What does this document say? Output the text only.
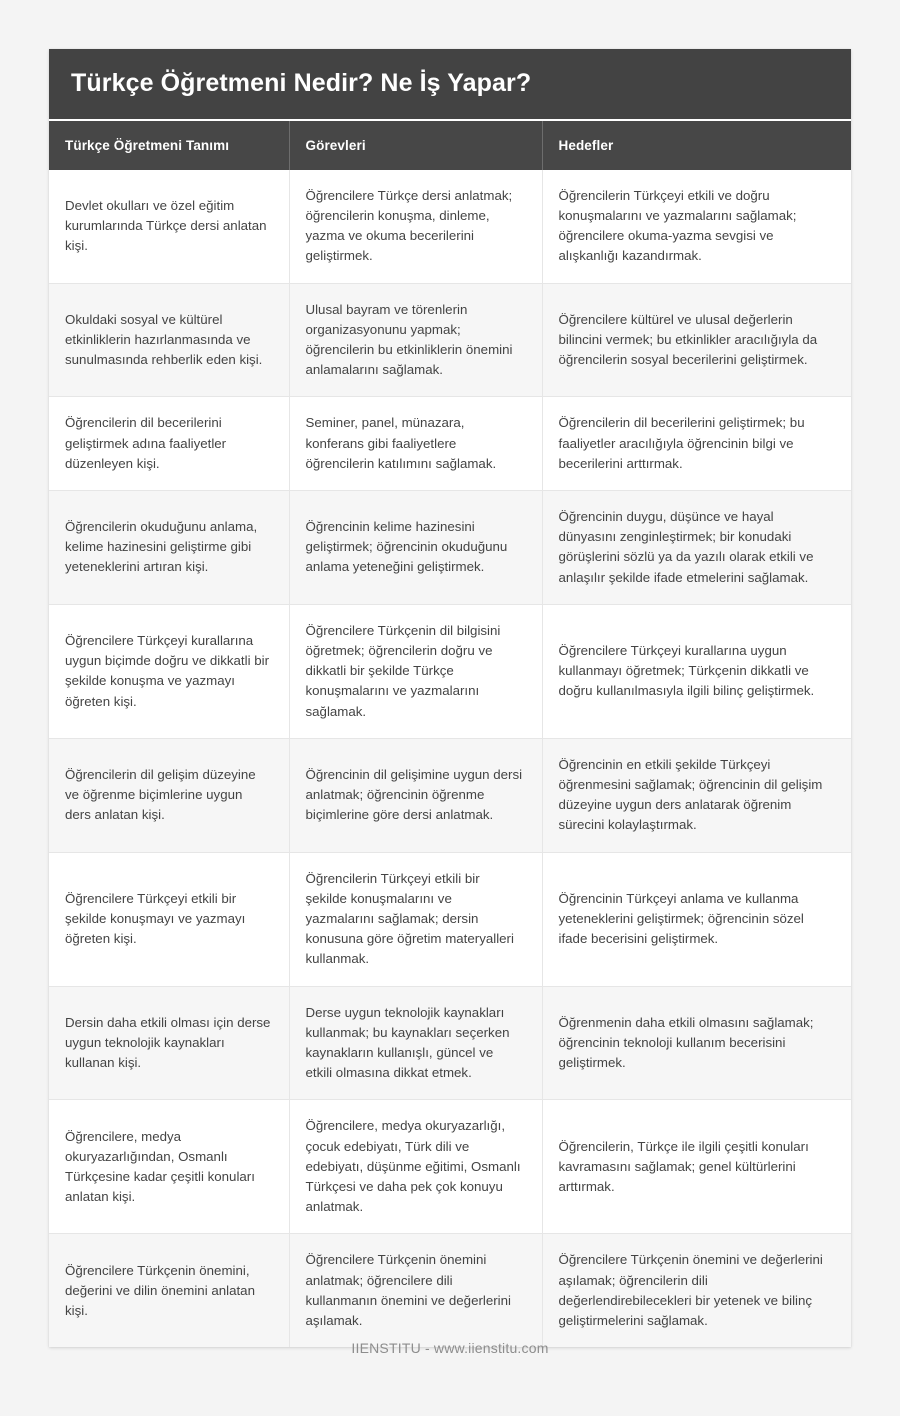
Türkçe Öğretmeni Nedir? Ne İş Yapar?
Türkçe Öğretmeni Tanımı	Görevleri	Hedefler
Devlet okulları ve özel eğitim kurumlarında Türkçe dersi anlatan kişi.	Öğrencilere Türkçe dersi anlatmak; öğrencilerin konuşma, dinleme, yazma ve okuma becerilerini geliştirmek.	Öğrencilerin Türkçeyi etkili ve doğru konuşmalarını ve yazmalarını sağlamak; öğrencilere okuma-yazma sevgisi ve alışkanlığı kazandırmak.
Okuldaki sosyal ve kültürel etkinliklerin hazırlanmasında ve sunulmasında rehberlik eden kişi.	Ulusal bayram ve törenlerin organizasyonunu yapmak; öğrencilerin bu etkinliklerin önemini anlamalarını sağlamak.	Öğrencilere kültürel ve ulusal değerlerin bilincini vermek; bu etkinlikler aracılığıyla da öğrencilerin sosyal becerilerini geliştirmek.
Öğrencilerin dil becerilerini geliştirmek adına faaliyetler düzenleyen kişi.	Seminer, panel, münazara, konferans gibi faaliyetlere öğrencilerin katılımını sağlamak.	Öğrencilerin dil becerilerini geliştirmek; bu faaliyetler aracılığıyla öğrencinin bilgi ve becerilerini arttırmak.
Öğrencilerin okuduğunu anlama, kelime hazinesini geliştirme gibi yeteneklerini artıran kişi.	Öğrencinin kelime hazinesini geliştirmek; öğrencinin okuduğunu anlama yeteneğini geliştirmek.	Öğrencinin duygu, düşünce ve hayal dünyasını zenginleştirmek; bir konudaki görüşlerini sözlü ya da yazılı olarak etkili ve anlaşılır şekilde ifade etmelerini sağlamak.
Öğrencilere Türkçeyi kurallarına uygun biçimde doğru ve dikkatli bir şekilde konuşma ve yazmayı öğreten kişi.	Öğrencilere Türkçenin dil bilgisini öğretmek; öğrencilerin doğru ve dikkatli bir şekilde Türkçe konuşmalarını ve yazmalarını sağlamak.	Öğrencilere Türkçeyi kurallarına uygun kullanmayı öğretmek; Türkçenin dikkatli ve doğru kullanılmasıyla ilgili bilinç geliştirmek.
Öğrencilerin dil gelişim düzeyine ve öğrenme biçimlerine uygun ders anlatan kişi.	Öğrencinin dil gelişimine uygun dersi anlatmak; öğrencinin öğrenme biçimlerine göre dersi anlatmak.	Öğrencinin en etkili şekilde Türkçeyi öğrenmesini sağlamak; öğrencinin dil gelişim düzeyine uygun ders anlatarak öğrenim sürecini kolaylaştırmak.
Öğrencilere Türkçeyi etkili bir şekilde konuşmayı ve yazmayı öğreten kişi.	Öğrencilerin Türkçeyi etkili bir şekilde konuşmalarını ve yazmalarını sağlamak; dersin konusuna göre öğretim materyalleri kullanmak.	Öğrencinin Türkçeyi anlama ve kullanma yeteneklerini geliştirmek; öğrencinin sözel ifade becerisini geliştirmek.
Dersin daha etkili olması için derse uygun teknolojik kaynakları kullanan kişi.	Derse uygun teknolojik kaynakları kullanmak; bu kaynakları seçerken kaynakların kullanışlı, güncel ve etkili olmasına dikkat etmek.	Öğrenmenin daha etkili olmasını sağlamak; öğrencinin teknoloji kullanım becerisini geliştirmek.
Öğrencilere, medya okuryazarlığından, Osmanlı Türkçesine kadar çeşitli konuları anlatan kişi.	Öğrencilere, medya okuryazarlığı, çocuk edebiyatı, Türk dili ve edebiyatı, düşünme eğitimi, Osmanlı Türkçesi ve daha pek çok konuyu anlatmak.	Öğrencilerin, Türkçe ile ilgili çeşitli konuları kavramasını sağlamak; genel kültürlerini arttırmak.
Öğrencilere Türkçenin önemini, değerini ve dilin önemini anlatan kişi.	Öğrencilere Türkçenin önemini anlatmak; öğrencilere dili kullanmanın önemini ve değerlerini aşılamak.	Öğrencilere Türkçenin önemini ve değerlerini aşılamak; öğrencilerin dili değerlendirebilecekleri bir yetenek ve bilinç geliştirmelerini sağlamak.
IIENSTITU - www.iienstitu.com
